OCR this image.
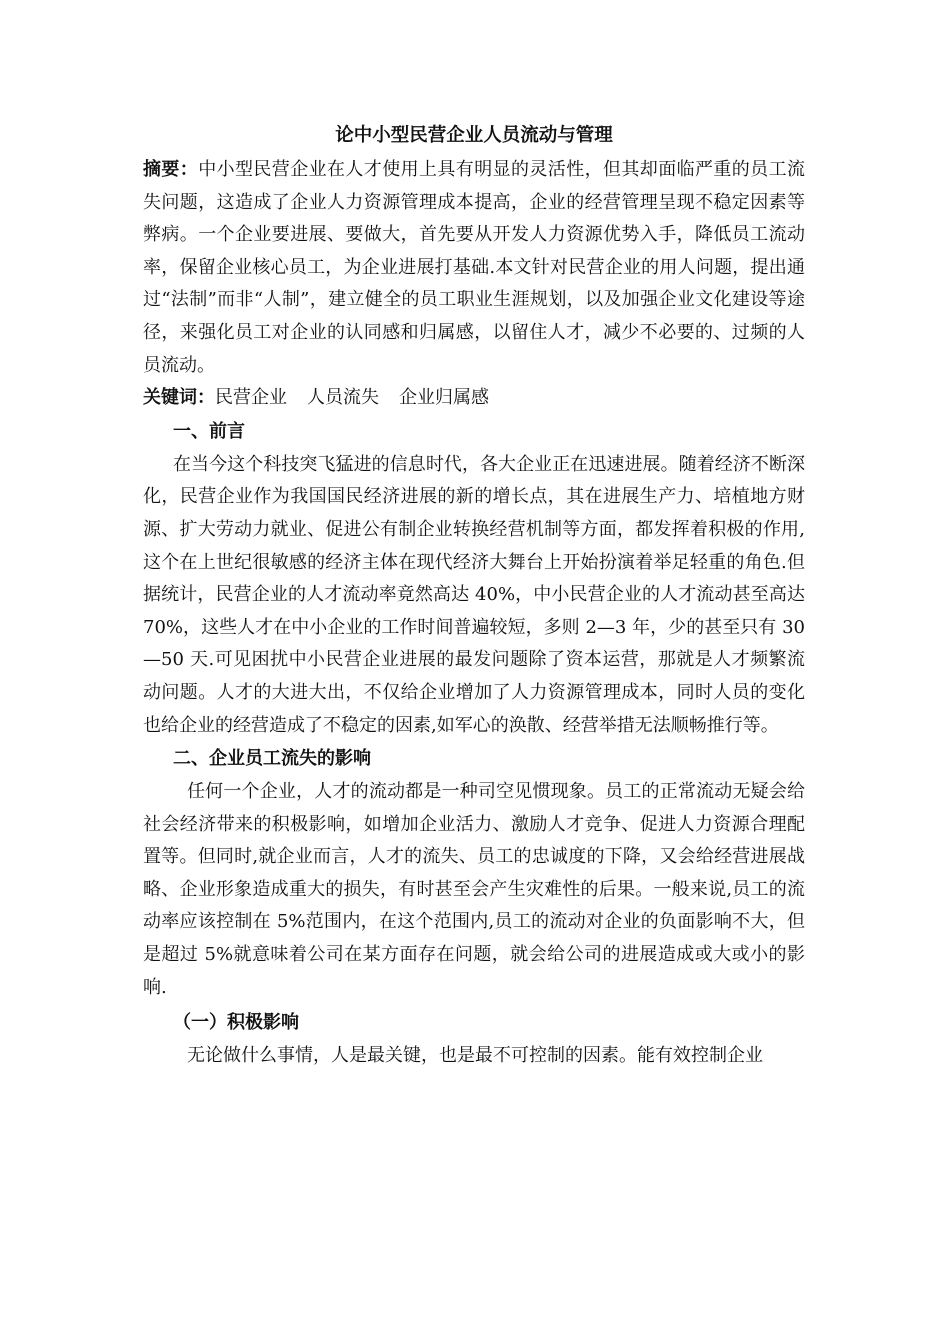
论中小型民营企业人员流动与管理

摘要：中小型民营企业在人才使用上具有明显的灵活性，但其却面临严重的员工流失问题，这造成了企业人力资源管理成本提高，企业的经营管理呈现不稳定因素等弊病。一个企业要进展、要做大，首先要从开发人力资源优势入手，降低员工流动率，保留企业核心员工，为企业进展打基础.本文针对民营企业的用人问题，提出通过“法制”而非“人制”，建立健全的员工职业生涯规划，以及加强企业文化建设等途径，来强化员工对企业的认同感和归属感，以留住人才，减少不必要的、过频的人员流动。

关键词：民营企业 人员流失 企业归属感

一、前言

在当今这个科技突飞猛进的信息时代，各大企业正在迅速进展。随着经济不断深化，民营企业作为我国国民经济进展的新的增长点，其在进展生产力、培植地方财源、扩大劳动力就业、促进公有制企业转换经营机制等方面，都发挥着积极的作用,这个在上世纪很敏感的经济主体在现代经济大舞台上开始扮演着举足轻重的角色.但据统计，民营企业的人才流动率竟然高达 40%，中小民营企业的人才流动甚至高达 70%，这些人才在中小企业的工作时间普遍较短，多则 2—3 年，少的甚至只有 30—50 天.可见困扰中小民营企业进展的最发问题除了资本运营，那就是人才频繁流动问题。人才的大进大出，不仅给企业增加了人力资源管理成本，同时人员的变化也给企业的经营造成了不稳定的因素,如军心的涣散、经营举措无法顺畅推行等。

二、企业员工流失的影响

任何一个企业，人才的流动都是一种司空见惯现象。员工的正常流动无疑会给社会经济带来的积极影响，如增加企业活力、激励人才竞争、促进人力资源合理配置等。但同时,就企业而言，人才的流失、员工的忠诚度的下降，又会给经营进展战略、企业形象造成重大的损失，有时甚至会产生灾难性的后果。一般来说,员工的流动率应该控制在 5%范围内，在这个范围内,员工的流动对企业的负面影响不大，但是超过 5%就意味着公司在某方面存在问题，就会给公司的进展造成或大或小的影响.

（一）积极影响

无论做什么事情，人是最关键，也是最不可控制的因素。能有效控制企业
